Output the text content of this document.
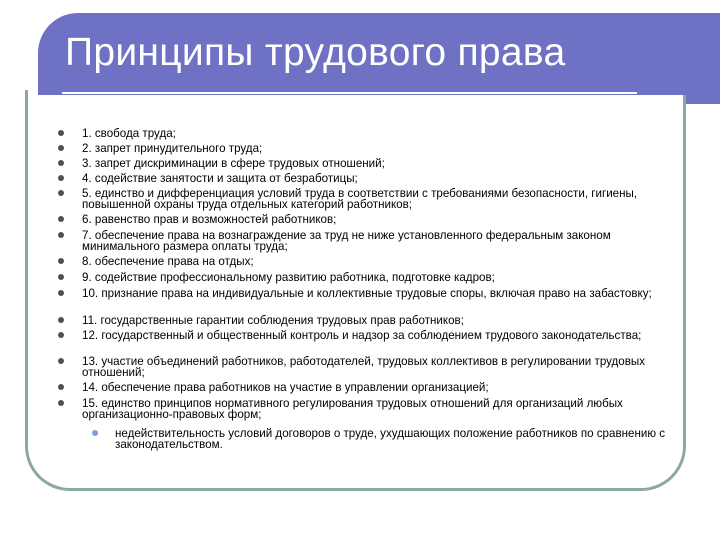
Принципы трудового права
1. свобода труда;
2. запрет принудительного труда;
3. запрет дискриминации в сфере трудовых отношений;
4. содействие занятости и защита от безработицы;
5. единство и дифференциация условий труда в соответствии с требованиями безопасности, гигиены, повышенной охраны труда отдельных категорий работников;
6. равенство прав и возможностей работников;
7. обеспечение права на вознаграждение за труд не ниже установленного федеральным законом минимального размера оплаты труда;
8. обеспечение права на отдых;
9. содействие профессиональному развитию работника, подготовке кадров;
10. признание права на индивидуальные и коллективные трудовые споры, включая право на забастовку;
11. государственные гарантии соблюдения трудовых прав работников;
12. государственный и общественный контроль и надзор за соблюдением трудового законодательства;
13. участие объединений работников, работодателей, трудовых коллективов в регулировании трудовых отношений;
14. обеспечение права работников на участие в управлении организацией;
15. единство принципов нормативного регулирования трудовых отношений для организаций любых организационно-правовых форм;
недействительность условий договоров о труде, ухудшающих положение работников по сравнению с законодательством.
